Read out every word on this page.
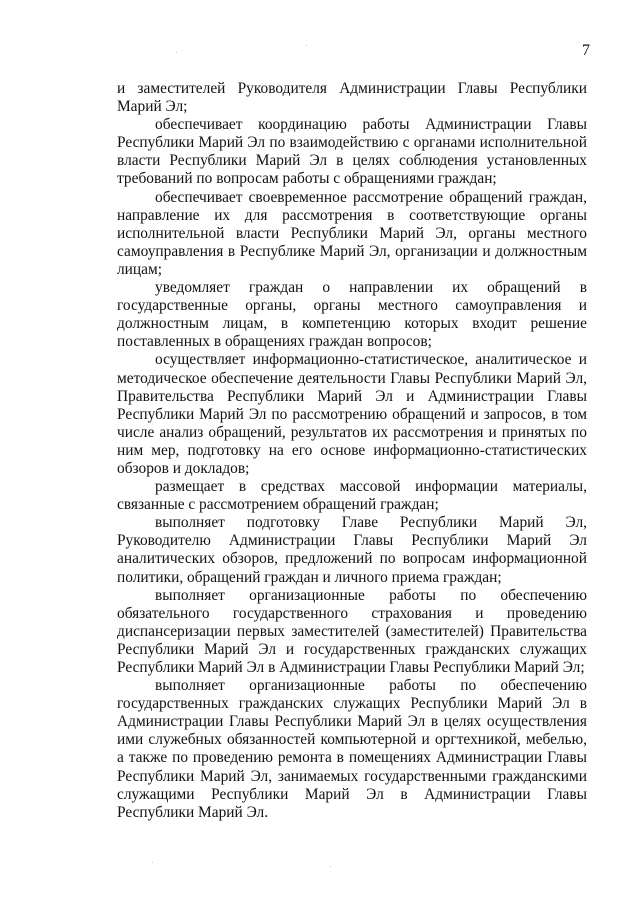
7

и заместителей Руководителя Администрации Главы Республики Марий Эл;

обеспечивает координацию работы Администрации Главы Республики Марий Эл по взаимодействию с органами исполнительной власти Республики Марий Эл в целях соблюдения установленных требований по вопросам работы с обращениями граждан;

обеспечивает своевременное рассмотрение обращений граждан, направление их для рассмотрения в соответствующие органы исполнительной власти Республики Марий Эл, органы местного самоуправления в Республике Марий Эл, организации и должностным лицам;

уведомляет граждан о направлении их обращений в государственные органы, органы местного самоуправления и должностным лицам, в компетенцию которых входит решение поставленных в обращениях граждан вопросов;

осуществляет информационно-статистическое, аналитическое и методическое обеспечение деятельности Главы Республики Марий Эл, Правительства Республики Марий Эл и Администрации Главы Республики Марий Эл по рассмотрению обращений и запросов, в том числе анализ обращений, результатов их рассмотрения и принятых по ним мер, подготовку на его основе информационно-статистических обзоров и докладов;

размещает в средствах массовой информации материалы, связанные с рассмотрением обращений граждан;

выполняет подготовку Главе Республики Марий Эл, Руководителю Администрации Главы Республики Марий Эл аналитических обзоров, предложений по вопросам информационной политики, обращений граждан и личного приема граждан;

выполняет организационные работы по обеспечению обязательного государственного страхования и проведению диспансеризации первых заместителей (заместителей) Правительства Республики Марий Эл и государственных гражданских служащих Республики Марий Эл в Администрации Главы Республики Марий Эл;

выполняет организационные работы по обеспечению государственных гражданских служащих Республики Марий Эл в Администрации Главы Республики Марий Эл в целях осуществления ими служебных обязанностей компьютерной и оргтехникой, мебелью, а также по проведению ремонта в помещениях Администрации Главы Республики Марий Эл, занимаемых государственными гражданскими служащими Республики Марий Эл в Администрации Главы Республики Марий Эл.
